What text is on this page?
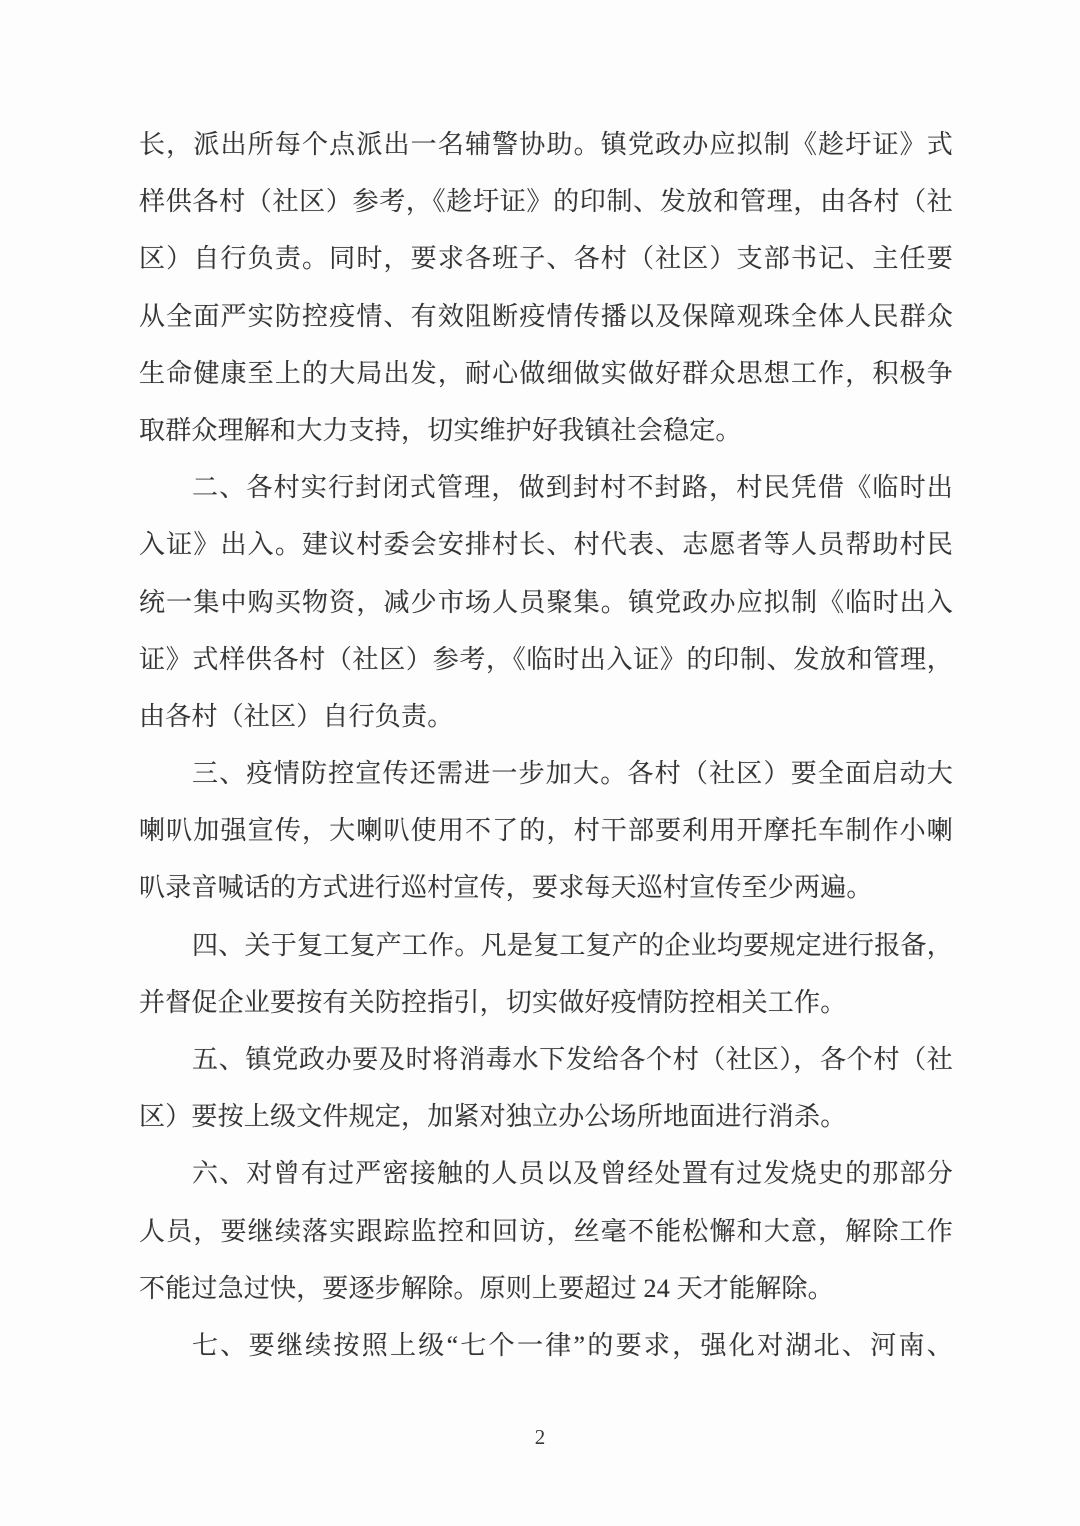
长，派出所每个点派出一名辅警协助。镇党政办应拟制《趁圩证》式
样供各村（社区）参考，《趁圩证》的印制、发放和管理，由各村（社
区）自行负责。同时，要求各班子、各村（社区）支部书记、主任要
从全面严实防控疫情、有效阻断疫情传播以及保障观珠全体人民群众
生命健康至上的大局出发，耐心做细做实做好群众思想工作，积极争
取群众理解和大力支持，切实维护好我镇社会稳定。
二、各村实行封闭式管理，做到封村不封路，村民凭借《临时出
入证》出入。建议村委会安排村长、村代表、志愿者等人员帮助村民
统一集中购买物资，减少市场人员聚集。镇党政办应拟制《临时出入
证》式样供各村（社区）参考，《临时出入证》的印制、发放和管理，
由各村（社区）自行负责。
三、疫情防控宣传还需进一步加大。各村（社区）要全面启动大
喇叭加强宣传，大喇叭使用不了的，村干部要利用开摩托车制作小喇
叭录音喊话的方式进行巡村宣传，要求每天巡村宣传至少两遍。
四、关于复工复产工作。凡是复工复产的企业均要规定进行报备，
并督促企业要按有关防控指引，切实做好疫情防控相关工作。
五、镇党政办要及时将消毒水下发给各个村（社区），各个村（社
区）要按上级文件规定，加紧对独立办公场所地面进行消杀。
六、对曾有过严密接触的人员以及曾经处置有过发烧史的那部分
人员，要继续落实跟踪监控和回访，丝毫不能松懈和大意，解除工作
不能过急过快，要逐步解除。原则上要超过 24 天才能解除。
七、要继续按照上级“七个一律”的要求，强化对湖北、河南、
2
